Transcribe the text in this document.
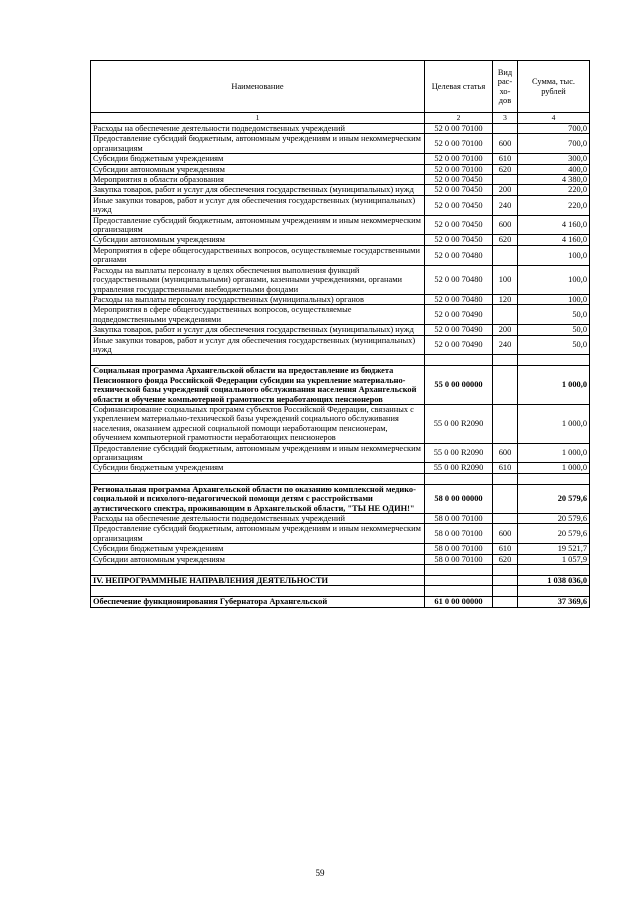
Наименование	Целевая статья	Вид рас-хо-дов	Сумма, тыс. рублей
1	2	3	4
Расходы на обеспечение деятельности подведомственных учреждений	52 0 00 70100		700,0
Предоставление субсидий бюджетным, автономным учреждениям и иным некоммерческим организациям	52 0 00 70100	600	700,0
Субсидии бюджетным учреждениям	52 0 00 70100	610	300,0
Субсидии автономным учреждениям	52 0 00 70100	620	400,0
Мероприятия в области образования	52 0 00 70450		4 380,0
Закупка товаров, работ и услуг для обеспечения государственных (муниципальных) нужд	52 0 00 70450	200	220,0
Иные закупки товаров, работ и услуг для обеспечения государственных (муниципальных) нужд	52 0 00 70450	240	220,0
Предоставление субсидий бюджетным, автономным учреждениям и иным некоммерческим организациям	52 0 00 70450	600	4 160,0
Субсидии автономным учреждениям	52 0 00 70450	620	4 160,0
Мероприятия в сфере общегосударственных вопросов, осуществляемые государственными органами	52 0 00 70480		100,0
Расходы на выплаты персоналу в целях обеспечения выполнения функций государственными (муниципальными) органами, казенными учреждениями, органами управления государственными внебюджетными фондами	52 0 00 70480	100	100,0
Расходы на выплаты персоналу государственных (муниципальных) органов	52 0 00 70480	120	100,0
Мероприятия в сфере общегосударственных вопросов, осуществляемые подведомственными учреждениями	52 0 00 70490		50,0
Закупка товаров, работ и услуг для обеспечения государственных (муниципальных) нужд	52 0 00 70490	200	50,0
Иные закупки товаров, работ и услуг для обеспечения государственных (муниципальных) нужд	52 0 00 70490	240	50,0

Социальная программа Архангельской области на предоставление из бюджета Пенсионного фонда Российской Федерации субсидии на укрепление материально-технической базы учреждений социального обслуживания населения Архангельской области и обучение компьютерной грамотности неработающих пенсионеров	55 0 00 00000		1 000,0
Софинансирование социальных программ субъектов Российской Федерации, связанных с укреплением материально-технической базы учреждений социального обслуживания населения, оказанием адресной социальной помощи неработающим пенсионерам, обучением компьютерной грамотности неработающих пенсионеров	55 0 00 R2090		1 000,0
Предоставление субсидий бюджетным, автономным учреждениям и иным некоммерческим организациям	55 0 00 R2090	600	1 000,0
Субсидии бюджетным учреждениям	55 0 00 R2090	610	1 000,0

Региональная программа Архангельской области по оказанию комплексной медико-социальной и психолого-педагогической помощи детям с расстройствами аутистического спектра, проживающим в Архангельской области, "ТЫ НЕ ОДИН!"	58 0 00 00000		20 579,6
Расходы на обеспечение деятельности подведомственных учреждений	58 0 00 70100		20 579,6
Предоставление субсидий бюджетным, автономным учреждениям и иным некоммерческим организациям	58 0 00 70100	600	20 579,6
Субсидии бюджетным учреждениям	58 0 00 70100	610	19 521,7
Субсидии автономным учреждениям	58 0 00 70100	620	1 057,9

IV. НЕПРОГРАММНЫЕ НАПРАВЛЕНИЯ ДЕЯТЕЛЬНОСТИ			1 038 036,0

Обеспечение функционирования Губернатора Архангельской	61 0 00 00000		37 369,6
59
